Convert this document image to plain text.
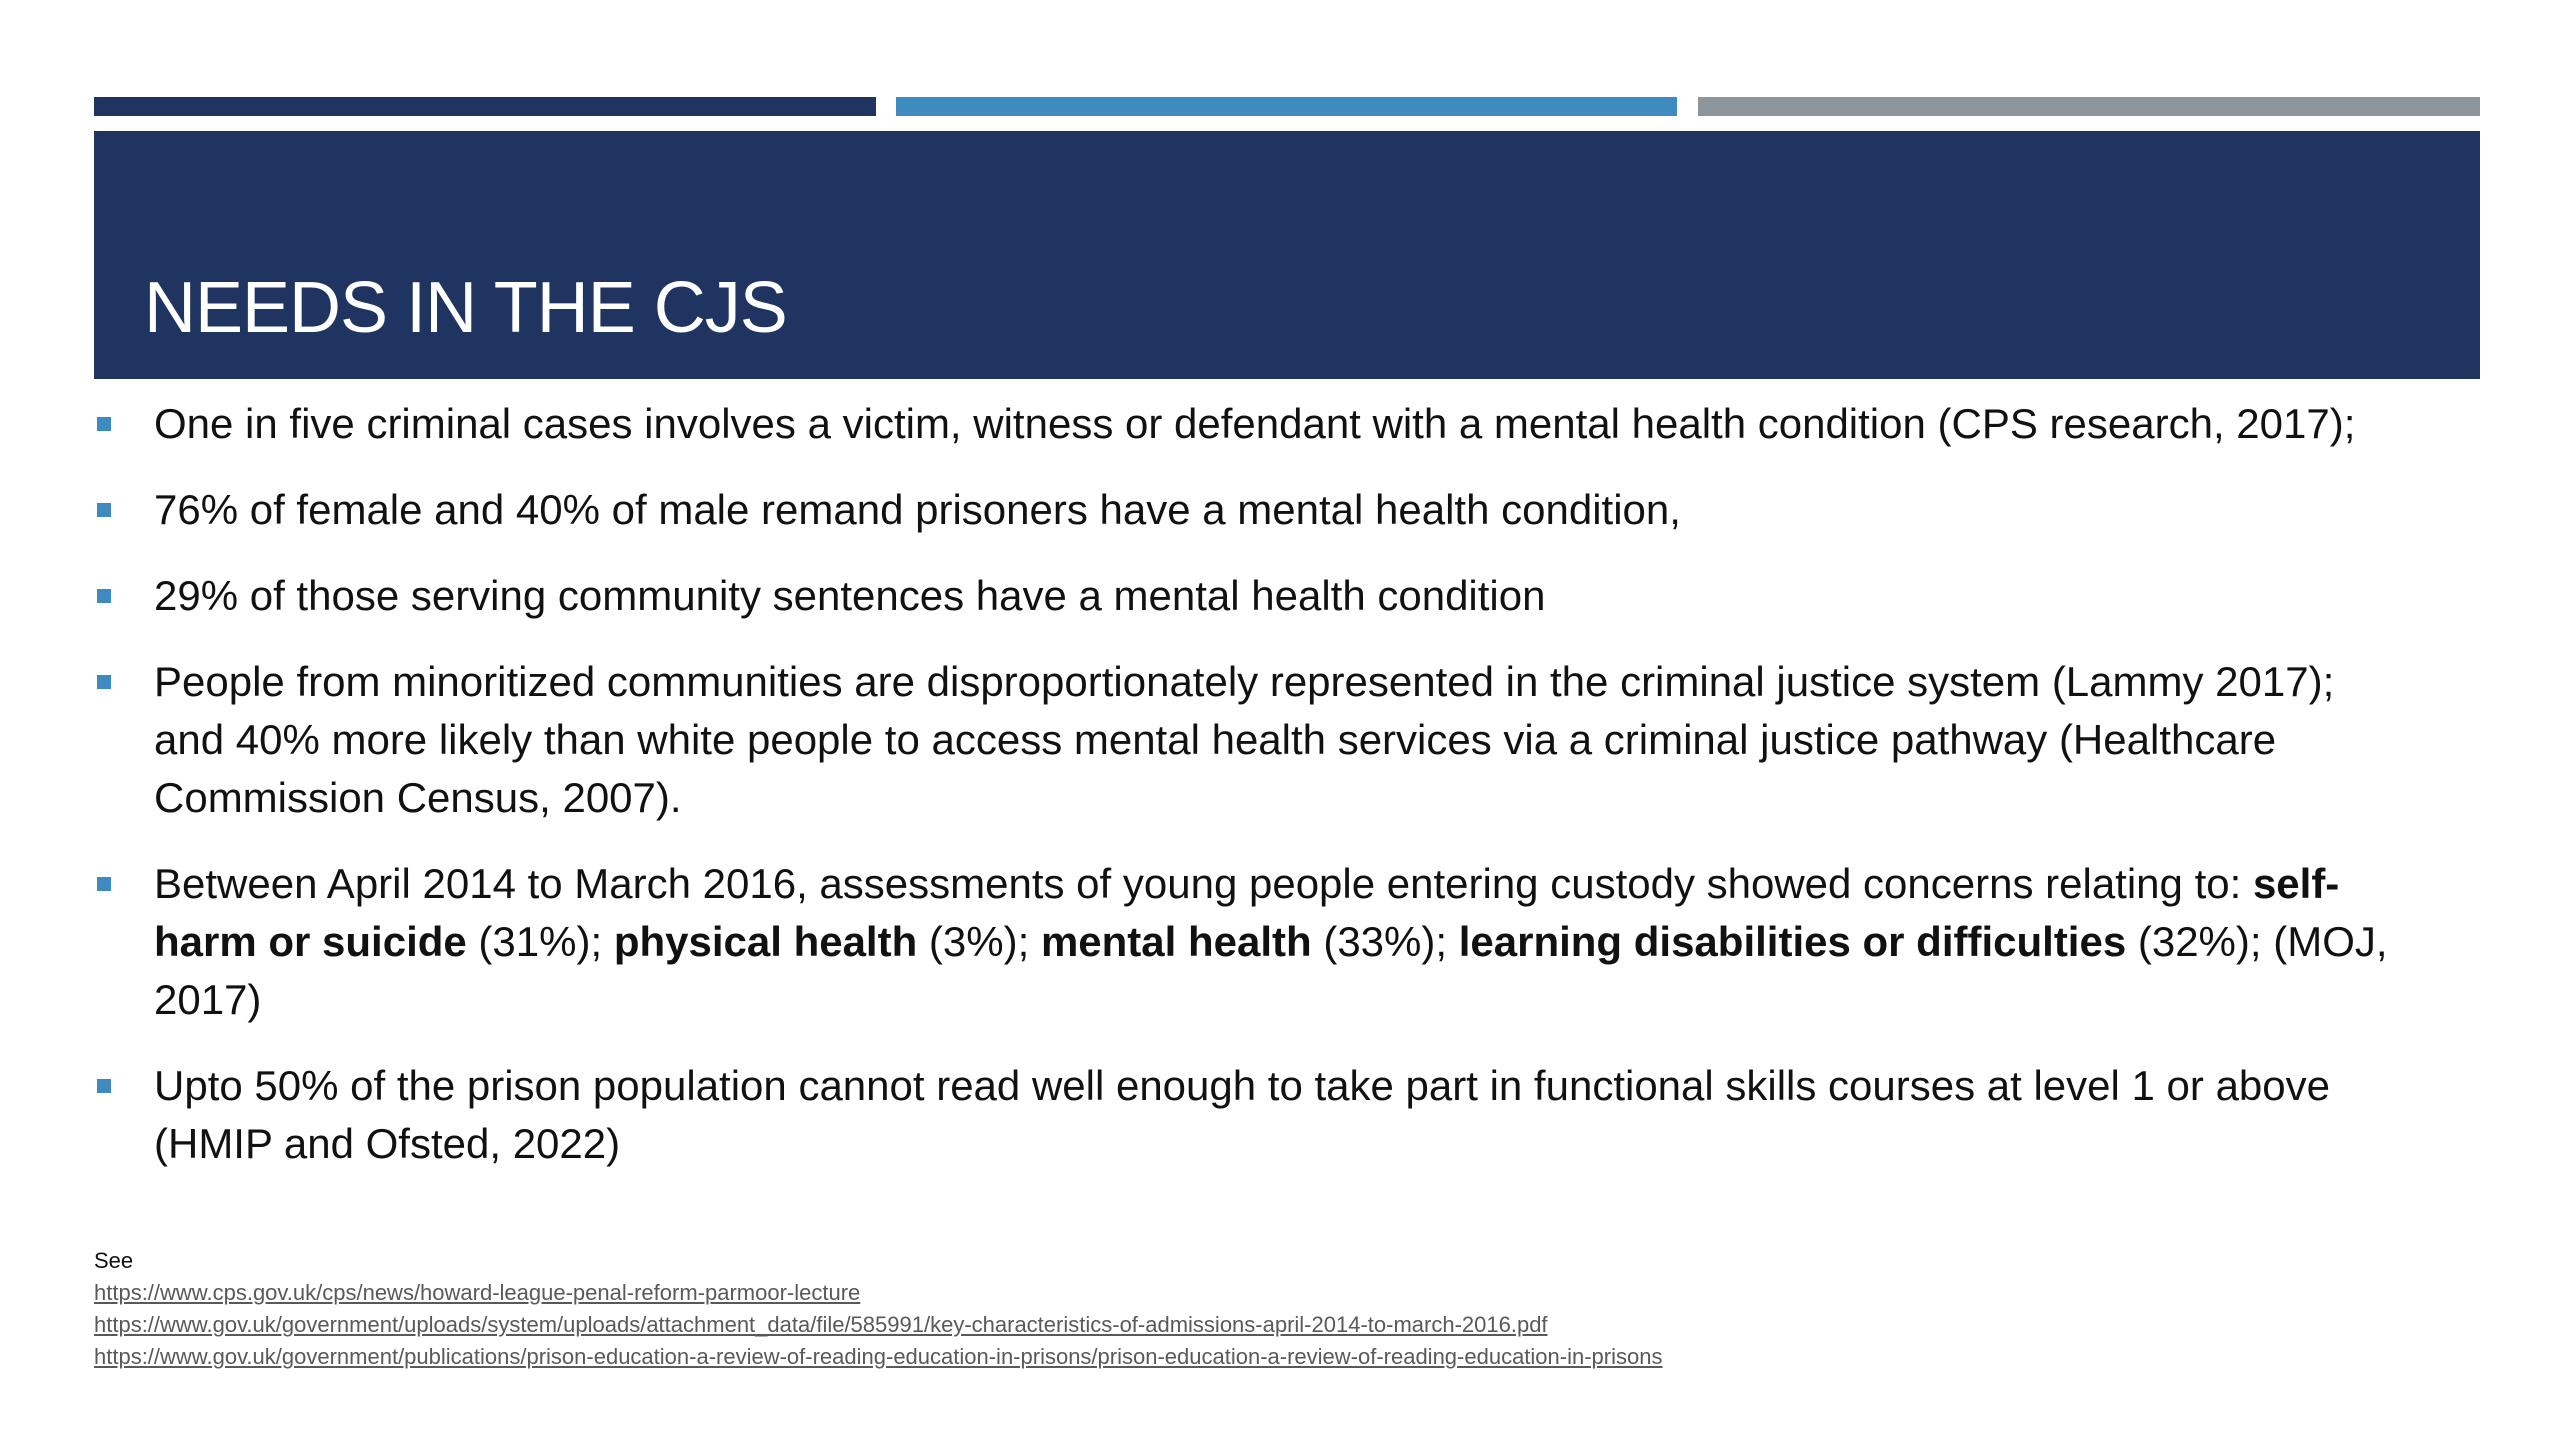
NEEDS IN THE CJS
One in five criminal cases involves a victim, witness or defendant with a mental health condition (CPS research, 2017);
76% of female and 40% of male remand prisoners have a mental health condition,
29% of those serving community sentences have a mental health condition
People from minoritized communities are disproportionately represented in the criminal justice system (Lammy 2017); and 40% more likely than white people to access mental health services via a criminal justice pathway (Healthcare Commission Census, 2007).
Between April 2014 to March 2016, assessments of young people entering custody showed concerns relating to: self-harm or suicide (31%); physical health (3%); mental health (33%); learning disabilities or difficulties (32%); (MOJ, 2017)
Upto 50% of the prison population cannot read well enough to take part in functional skills courses at level 1 or above (HMIP and Ofsted, 2022)
See
https://www.cps.gov.uk/cps/news/howard-league-penal-reform-parmoor-lecture
https://www.gov.uk/government/uploads/system/uploads/attachment_data/file/585991/key-characteristics-of-admissions-april-2014-to-march-2016.pdf
https://www.gov.uk/government/publications/prison-education-a-review-of-reading-education-in-prisons/prison-education-a-review-of-reading-education-in-prisons
